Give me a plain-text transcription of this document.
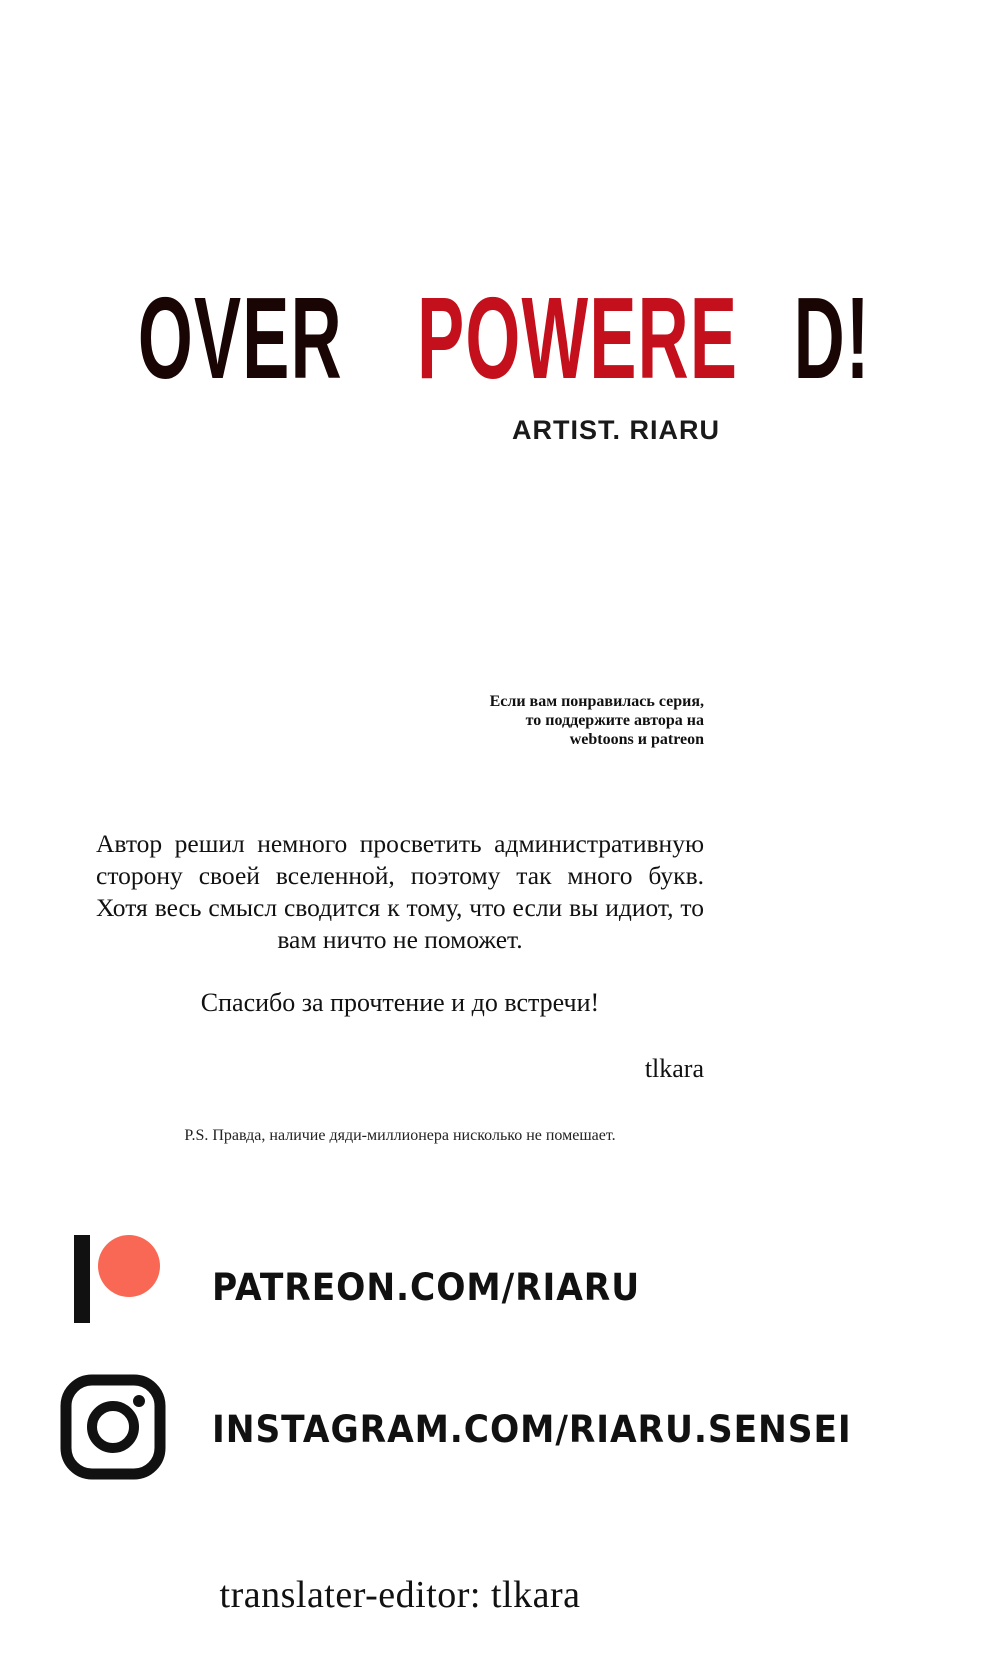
OVER POWERE D!
ARTIST. RIARU
Если вам понравилась серия,
то поддержите автора на
webtoons и patreon
Автор решил немного просветить административную сторону своей вселенной, поэтому так много букв. Хотя весь смысл сводится к тому, что если вы идиот, то вам ничто не поможет.
Спасибо за прочтение и до встречи!
tlkara
P.S. Правда, наличие дяди-миллионера нисколько не помешает.
PATREON.COM/RIARU
INSTAGRAM.COM/RIARU.SENSEI
translater-editor: tlkara
